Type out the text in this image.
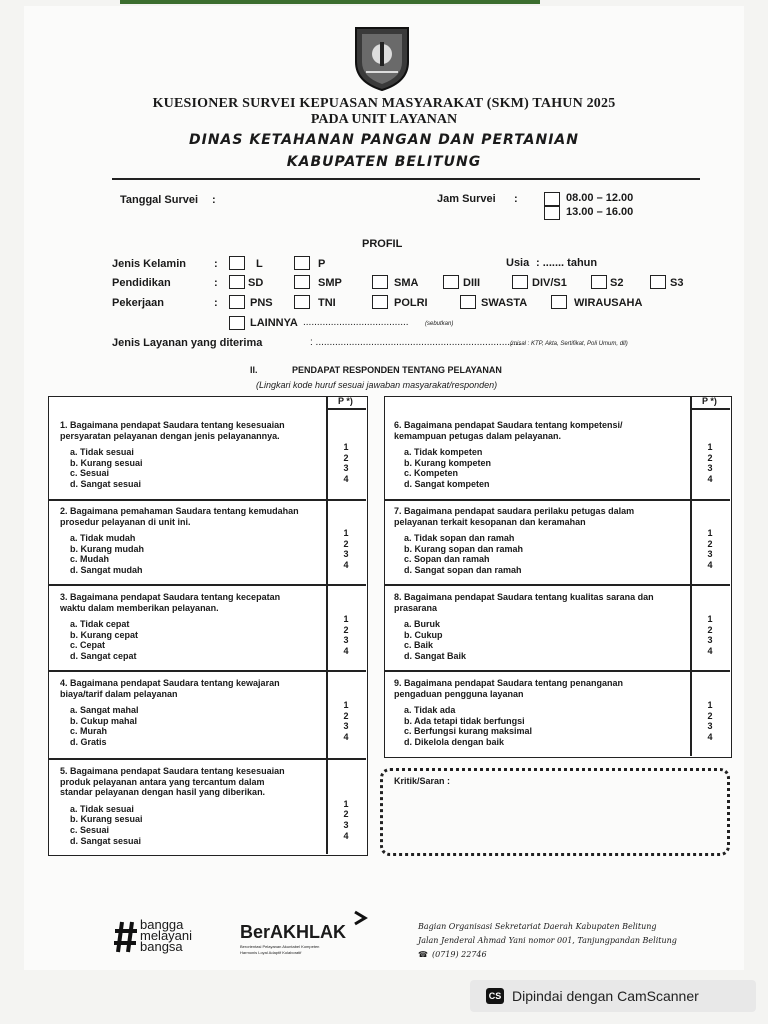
KUESIONER SURVEI KEPUASAN MASYARAKAT (SKM) TAHUN 2025
PADA UNIT LAYANAN
DINAS KETAHANAN PANGAN DAN PERTANIAN
KABUPATEN BELITUNG
Tanggal Survei :	Jam Survei :	08.00 – 12.00
13.00 – 16.00
PROFIL
Jenis Kelamin	:	L	P	Usia : ....... tahun
Pendidikan	:	SD	SMP	SMA	DIII	DIV/S1	S2	S3
Pekerjaan	:	PNS	TNI	POLRI	SWASTA	WIRAUSAHA
LAINNYA ......................................	(sebutkan)
Jenis Layanan yang diterima	: ..........................................................................
(misal : KTP, Akta, Sertifikat, Poli Umum, dll)
II.	PENDAPAT RESPONDEN TENTANG PELAYANAN
(Lingkari kode huruf sesuai jawaban masyarakat/responden)
P *)	P *)
1. Bagaimana pendapat Saudara tentang kesesuaian
persyaratan pelayanan dengan jenis pelayanannya.
a. Tidak sesuai
b. Kurang sesuai
c. Sesuai
d. Sangat sesuai
1
2
3
4
2. Bagaimana pemahaman Saudara tentang kemudahan
prosedur pelayanan di unit ini.
a. Tidak mudah
b. Kurang mudah
c. Mudah
d. Sangat mudah
1
2
3
4
3. Bagaimana pendapat Saudara tentang kecepatan
waktu dalam memberikan pelayanan.
a. Tidak cepat
b. Kurang cepat
c. Cepat
d. Sangat cepat
1
2
3
4
4. Bagaimana pendapat Saudara tentang kewajaran
biaya/tarif dalam pelayanan
a. Sangat mahal
b. Cukup mahal
c. Murah
d. Gratis
1
2
3
4
5. Bagaimana pendapat Saudara tentang kesesuaian
produk pelayanan antara yang tercantum dalam
standar pelayanan dengan hasil yang diberikan.
a. Tidak sesuai
b. Kurang sesuai
c. Sesuai
d. Sangat sesuai
1
2
3
4
6. Bagaimana pendapat Saudara tentang kompetensi/
kemampuan petugas dalam pelayanan.
a. Tidak kompeten
b. Kurang kompeten
c. Kompeten
d. Sangat kompeten
1
2
3
4
7. Bagaimana pendapat saudara perilaku petugas dalam
pelayanan terkait kesopanan dan keramahan
a. Tidak sopan dan ramah
b. Kurang sopan dan ramah
c. Sopan dan ramah
d. Sangat sopan dan ramah
1
2
3
4
8. Bagaimana pendapat Saudara tentang kualitas sarana dan
prasarana
a. Buruk
b. Cukup
c. Baik
d. Sangat Baik
1
2
3
4
9. Bagaimana pendapat Saudara tentang penanganan
pengaduan pengguna layanan
a. Tidak ada
b. Ada tetapi tidak berfungsi
c. Berfungsi kurang maksimal
d. Dikelola dengan baik
1
2
3
4
Kritik/Saran :
bangga
melayani
bangsa
BerAKHLAK
Berorientasi Pelayanan Akuntabel Kompeten
Harmonis Loyal Adaptif Kolaboratif
Bagian Organisasi Sekretariat Daerah Kabupaten Belitung
Jalan Jenderal Ahmad Yani nomor 001, Tanjungpandan Belitung
☎ (0719) 22746
CS Dipindai dengan CamScanner
